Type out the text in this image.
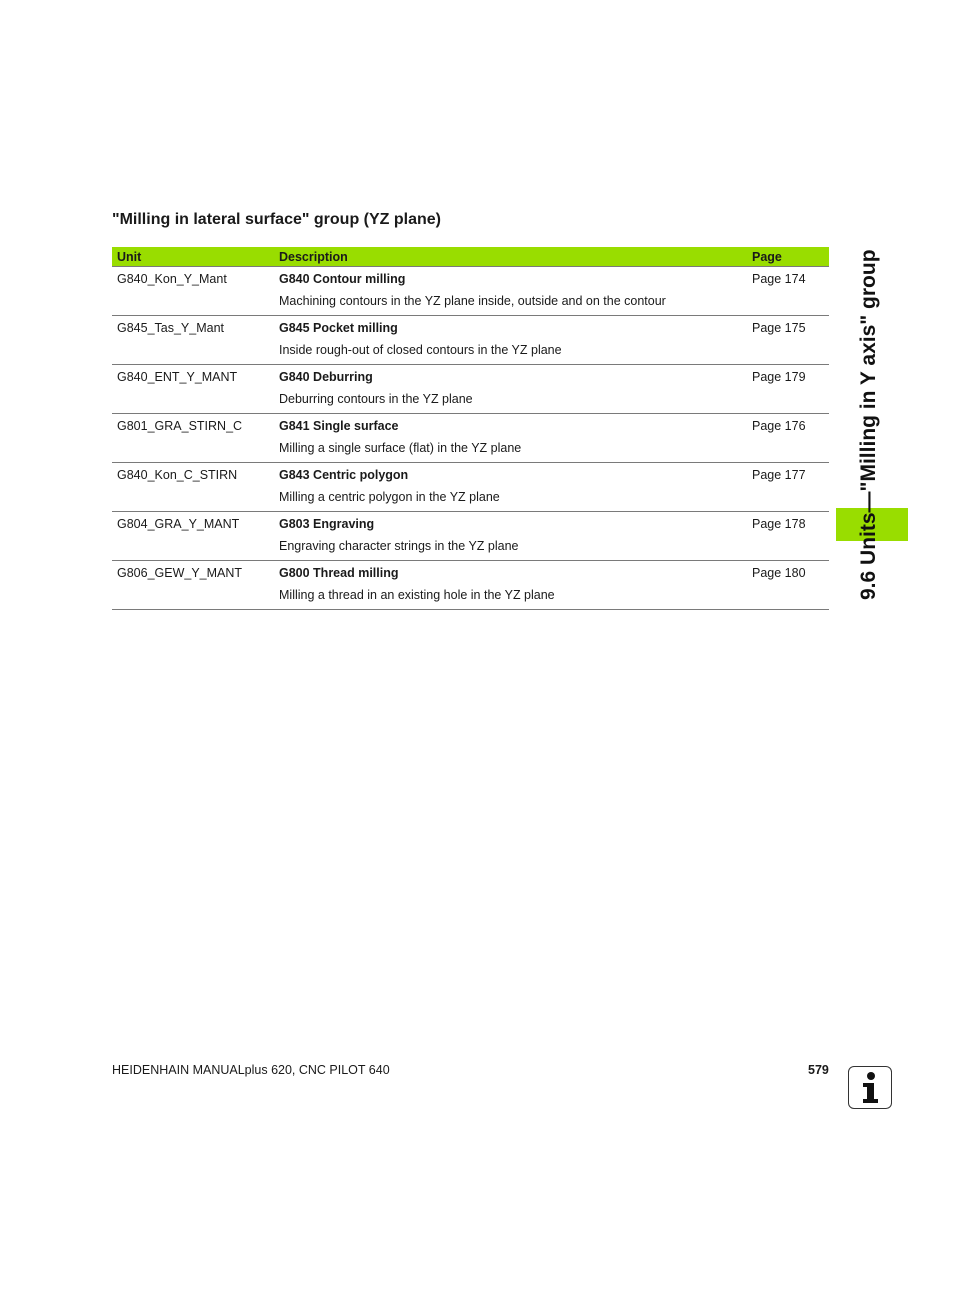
"Milling in lateral surface" group (YZ plane)
Unit	Description	Page
G840_Kon_Y_Mant	G840 Contour milling	Page 174
	Machining contours in the YZ plane inside, outside and on the contour	
G845_Tas_Y_Mant	G845 Pocket milling	Page 175
	Inside rough-out of closed contours in the YZ plane	
G840_ENT_Y_MANT	G840 Deburring	Page 179
	Deburring contours in the YZ plane	
G801_GRA_STIRN_C	G841 Single surface	Page 176
	Milling a single surface (flat) in the YZ plane	
G840_Kon_C_STIRN	G843 Centric polygon	Page 177
	Milling a centric polygon in the YZ plane	
G804_GRA_Y_MANT	G803 Engraving	Page 178
	Engraving character strings in the YZ plane	
G806_GEW_Y_MANT	G800 Thread milling	Page 180
	Milling a thread in an existing hole in the YZ plane		9.6 Units—"Milling in Y axis" group
HEIDENHAIN MANUALplus 620, CNC PILOT 640	579
